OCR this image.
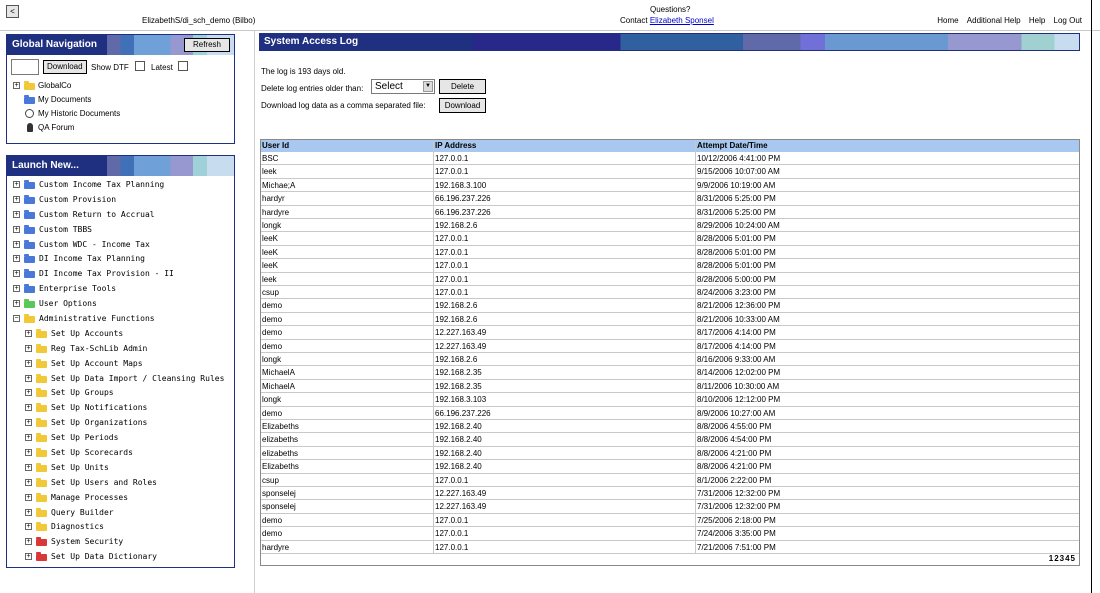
<
ElizabethS/di_sch_demo (Bilbo)
Questions?
Contact Elizabeth Sponsel	Home Additional Help Help Log Out
Global Navigation	Refresh
Download	Show DTF	Latest
+ GlobalCo
My Documents
My Historic Documents
QA Forum
Launch New...
+	Custom Income Tax Planning
+	Custom Provision
+	Custom Return to Accrual
+	Custom TBBS
+	Custom WDC - Income Tax
+	DI Income Tax Planning
+	DI Income Tax Provision - II
+	Enterprise Tools
+	User Options
−	Administrative Functions
+	Set Up Accounts
+	Reg Tax-SchLib Admin
+	Set Up Account Maps
+	Set Up Data Import / Cleansing Rules
+	Set Up Groups
+	Set Up Notifications
+	Set Up Organizations
+	Set Up Periods
+	Set Up Scorecards
+	Set Up Units
+	Set Up Users and Roles
+	Manage Processes
+	Query Builder
+	Diagnostics
+	System Security
+	Set Up Data Dictionary
System Access Log
The log is 193 days old.
Delete log entries older than:	Select	▼	Delete
Download log data as a comma separated file:	Download
User Id	IP Address	Attempt Date/Time
BSC	127.0.0.1	10/12/2006 4:41:00 PM
leek	127.0.0.1	9/15/2006 10:07:00 AM
Michae;A	192.168.3.100	9/9/2006 10:19:00 AM
hardyr	66.196.237.226	8/31/2006 5:25:00 PM
hardyre	66.196.237.226	8/31/2006 5:25:00 PM
longk	192.168.2.6	8/29/2006 10:24:00 AM
leeK	127.0.0.1	8/28/2006 5:01:00 PM
leeK	127.0.0.1	8/28/2006 5:01:00 PM
leeK	127.0.0.1	8/28/2006 5:01:00 PM
leek	127.0.0.1	8/28/2006 5:00:00 PM
csup	127.0.0.1	8/24/2006 3:23:00 PM
demo	192.168.2.6	8/21/2006 12:36:00 PM
demo	192.168.2.6	8/21/2006 10:33:00 AM
demo	12.227.163.49	8/17/2006 4:14:00 PM
demo	12.227.163.49	8/17/2006 4:14:00 PM
longk	192.168.2.6	8/16/2006 9:33:00 AM
MichaelA	192.168.2.35	8/14/2006 12:02:00 PM
MichaelA	192.168.2.35	8/11/2006 10:30:00 AM
longk	192.168.3.103	8/10/2006 12:12:00 PM
demo	66.196.237.226	8/9/2006 10:27:00 AM
Elizabeths	192.168.2.40	8/8/2006 4:55:00 PM
elizabeths	192.168.2.40	8/8/2006 4:54:00 PM
elizabeths	192.168.2.40	8/8/2006 4:21:00 PM
Elizabeths	192.168.2.40	8/8/2006 4:21:00 PM
csup	127.0.0.1	8/1/2006 2:22:00 PM
sponselej	12.227.163.49	7/31/2006 12:32:00 PM
sponselej	12.227.163.49	7/31/2006 12:32:00 PM
demo	127.0.0.1	7/25/2006 2:18:00 PM
demo	127.0.0.1	7/24/2006 3:35:00 PM
hardyre	127.0.0.1	7/21/2006 7:51:00 PM
12345
